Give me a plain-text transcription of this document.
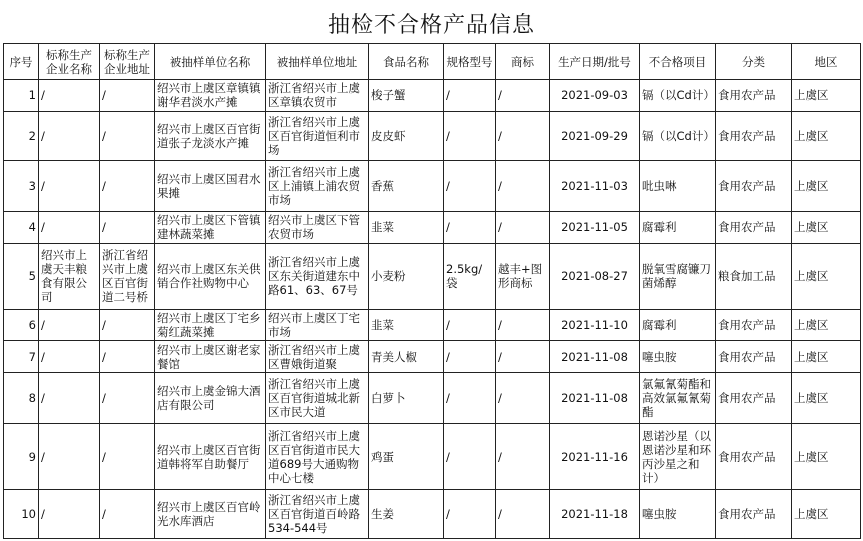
抽检不合格产品信息
序号	标称生产企业名称	标称生产企业地址	被抽样单位名称	被抽样单位地址	食品名称	规格型号	商标	生产日期/批号	不合格项目	分类	地区
1	/	/	绍兴市上虞区章镇镇谢华君淡水产摊	浙江省绍兴市上虞区章镇农贸市	梭子蟹	/	/	2021-09-03	镉（以Cd计）	食用农产品	上虞区
2	/	/	绍兴市上虞区百官街道张子龙淡水产摊	浙江省绍兴市上虞区百官街道恒利市场	皮皮虾	/	/	2021-09-29	镉（以Cd计）	食用农产品	上虞区
3	/	/	绍兴市上虞区国君水果摊	浙江省绍兴市上虞区上浦镇上浦农贸市场	香蕉	/	/	2021-11-03	吡虫啉	食用农产品	上虞区
4	/	/	绍兴市上虞区下管镇建林蔬菜摊	绍兴市上虞区下管农贸市场	韭菜	/	/	2021-11-05	腐霉利	食用农产品	上虞区
5	绍兴市上虞天丰粮食有限公司	浙江省绍兴市上虞区百官街道二号桥	绍兴市上虞区东关供销合作社购物中心	浙江省绍兴市上虞区东关街道建东中路61、63、67号	小麦粉	2.5kg/袋	越丰+图形商标	2021-08-27	脱氧雪腐镰刀菌烯醇	粮食加工品	上虞区
6	/	/	绍兴市上虞区丁宅乡菊红蔬菜摊	绍兴市上虞区丁宅市场	韭菜	/	/	2021-11-10	腐霉利	食用农产品	上虞区
7	/	/	绍兴市上虞区谢老家餐馆	浙江省绍兴市上虞区曹娥街道聚	青美人椒	/	/	2021-11-08	噻虫胺	食用农产品	上虞区
8	/	/	绍兴市上虞金锦大酒店有限公司	浙江省绍兴市上虞区百官街道城北新区市民大道	白萝卜	/	/	2021-11-08	氯氟氰菊酯和高效氯氟氰菊酯	食用农产品	上虞区
9	/	/	绍兴市上虞区百官街道韩将军自助餐厅	浙江省绍兴市上虞区百官街道市民大道689号大通购物中心七楼	鸡蛋	/	/	2021-11-16	恩诺沙星（以恩诺沙星和环丙沙星之和计）	食用农产品	上虞区
10	/	/	绍兴市上虞区百官岭光水库酒店	浙江省绍兴市上虞区百官街道百岭路534-544号	生姜	/	/	2021-11-18	噻虫胺	食用农产品	上虞区
